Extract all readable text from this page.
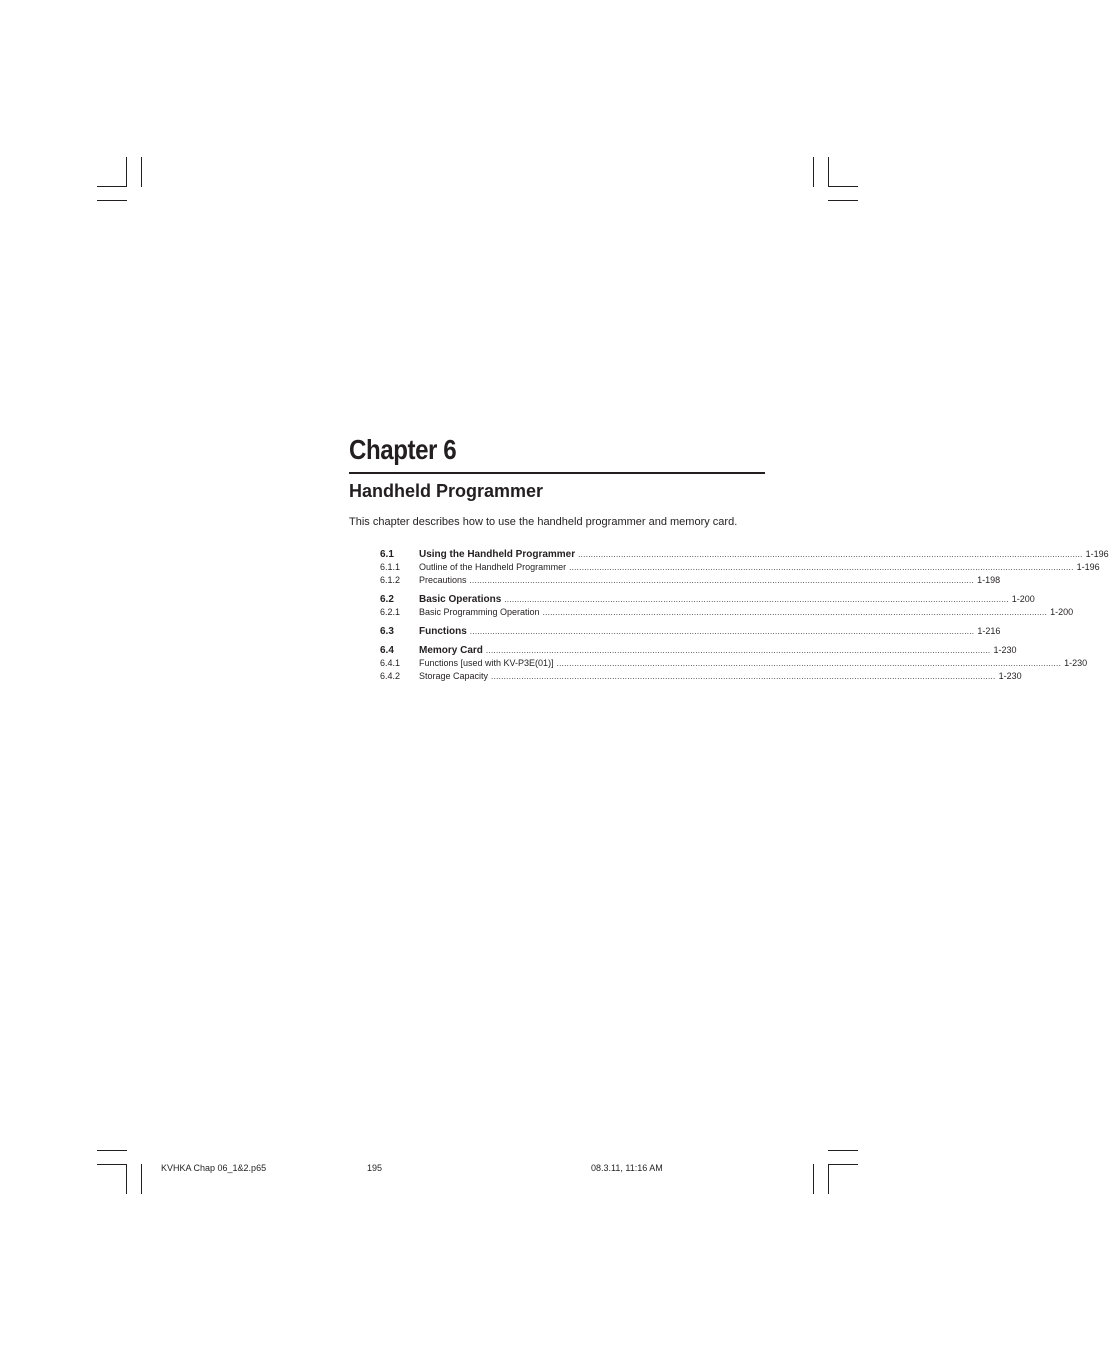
Chapter 6
Handheld Programmer

This chapter describes how to use the handheld programmer and memory card.

6.1	Using the Handheld Programmer ........................................................................................................................................................................................................ 1-196
6.1.1	Outline of the Handheld Programmer ........................................................................................................................................................................................................ 1-196
6.1.2	Precautions ........................................................................................................................................................................................................ 1-198
6.2	Basic Operations ........................................................................................................................................................................................................ 1-200
6.2.1	Basic Programming Operation ........................................................................................................................................................................................................ 1-200
6.3	Functions ........................................................................................................................................................................................................ 1-216
6.4	Memory Card ........................................................................................................................................................................................................ 1-230
6.4.1	Functions [used with KV-P3E(01)] ........................................................................................................................................................................................................ 1-230
6.4.2	Storage Capacity ........................................................................................................................................................................................................ 1-230

KVHKA Chap 06_1&2.p65	195	08.3.11, 11:16 AM
